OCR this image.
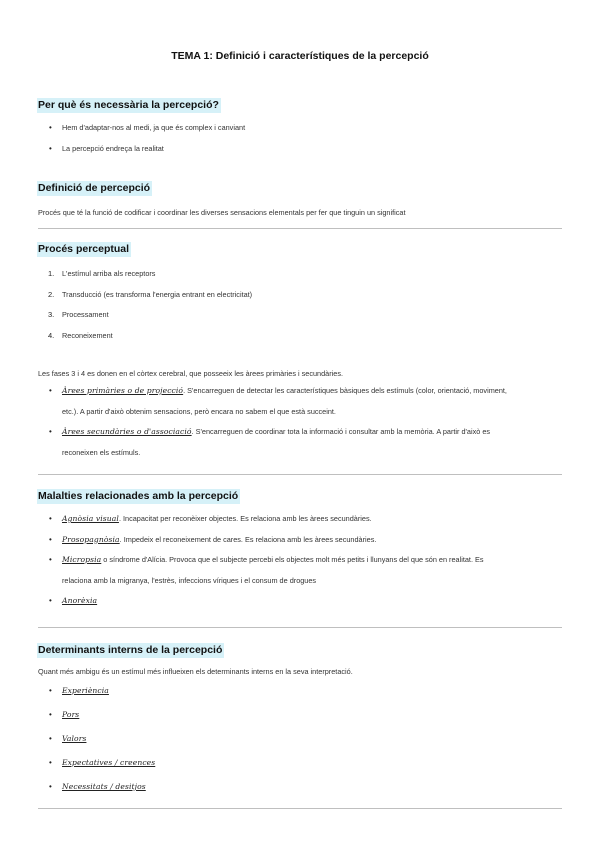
TEMA 1: Definició i característiques de la percepció
Per què és necessària la percepció?
• Hem d'adaptar-nos al medi, ja que és complex i canviant
• La percepció endreça la realitat
Definició de percepció
Procés que té la funció de codificar i coordinar les diverses sensacions elementals per fer que tinguin un significat
Procés perceptual
1. L'estímul arriba als receptors
2. Transducció (es transforma l'energia entrant en electricitat)
3. Processament
4. Reconeixement
Les fases 3 i 4 es donen en el còrtex cerebral, que posseeix les àrees primàries i secundàries.
• Àrees primàries o de projecció. S'encarreguen de detectar les característiques bàsiques dels estímuls (color, orientació, moviment,
etc.). A partir d'això obtenim sensacions, però encara no sabem el que està succeint.
• Àrees secundàries o d'associació. S'encarreguen de coordinar tota la informació i consultar amb la memòria. A partir d'això es
reconeixen els estímuls.
Malalties relacionades amb la percepció
• Agnòsia visual. Incapacitat per reconèixer objectes. Es relaciona amb les àrees secundàries.
• Prosopagnòsia. Impedeix el reconeixement de cares. Es relaciona amb les àrees secundàries.
• Micropsia o síndrome d'Alícia. Provoca que el subjecte percebi els objectes molt més petits i llunyans del que són en realitat. Es
relaciona amb la migranya, l'estrès, infeccions víriques i el consum de drogues
• Anorèxia
Determinants interns de la percepció
Quant més ambigu és un estímul més influeixen els determinants interns en la seva interpretació.
• Experiència
• Pors
• Valors
• Expectatives / creences
• Necessitats / desitjos
